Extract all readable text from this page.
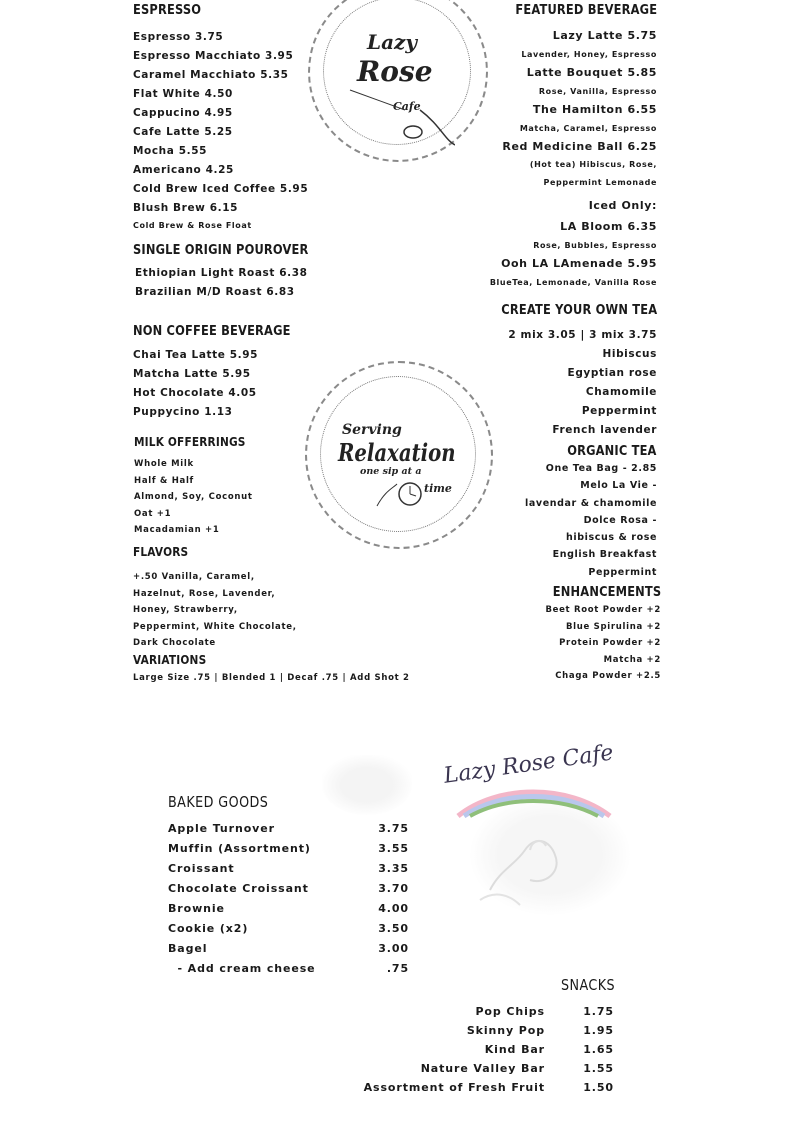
ESPRESSO
Espresso 3.75
Espresso Macchiato 3.95
Caramel Macchiato 5.35
Flat White 4.50
Cappucino 4.95
Cafe Latte 5.25
Mocha 5.55
Americano 4.25
Cold Brew Iced Coffee 5.95
Blush Brew 6.15
Cold Brew & Rose Float
SINGLE ORIGIN POUROVER
Ethiopian Light Roast 6.38
Brazilian M/D Roast 6.83
NON COFFEE BEVERAGE
Chai Tea Latte 5.95
Matcha Latte 5.95
Hot Chocolate 4.05
Puppycino 1.13
MILK OFFERRINGS
Whole Milk
Half & Half
Almond, Soy, Coconut
Oat +1
Macadamian +1
FLAVORS
+.50 Vanilla, Caramel,
Hazelnut, Rose, Lavender,
Honey, Strawberry,
Peppermint, White Chocolate,
Dark Chocolate
VARIATIONS
Large Size .75 | Blended 1 | Decaf .75 | Add Shot 2
Lazy
Rose
Cafe
Serving
Relaxation
one sip at a
time
FEATURED BEVERAGE
Lazy Latte 5.75
Lavender, Honey, Espresso
Latte Bouquet 5.85
Rose, Vanilla, Espresso
The Hamilton 6.55
Matcha, Caramel, Espresso
Red Medicine Ball 6.25
(Hot tea) Hibiscus, Rose,
Peppermint Lemonade
Iced Only:
LA Bloom 6.35
Rose, Bubbles, Espresso
Ooh LA LAmenade 5.95
BlueTea, Lemonade, Vanilla Rose
CREATE YOUR OWN TEA
2 mix 3.05 | 3 mix 3.75
Hibiscus
Egyptian rose
Chamomile
Peppermint
French lavender
ORGANIC TEA
One Tea Bag - 2.85
Melo La Vie -
lavendar & chamomile
Dolce Rosa -
hibiscus & rose
English Breakfast
Peppermint
ENHANCEMENTS
Beet Root Powder +2
Blue Spirulina +2
Protein Powder +2
Matcha +2
Chaga Powder +2.5
Lazy Rose Cafe
BAKED GOODS
Apple Turnover	3.75
Muffin (Assortment)	3.55
Croissant	3.35
Chocolate Croissant	3.70
Brownie	4.00
Cookie (x2)	3.50
Bagel	3.00
- Add cream cheese	.75
SNACKS
Pop Chips	1.75
Skinny Pop	1.95
Kind Bar	1.65
Nature Valley Bar	1.55
Assortment of Fresh Fruit	1.50
